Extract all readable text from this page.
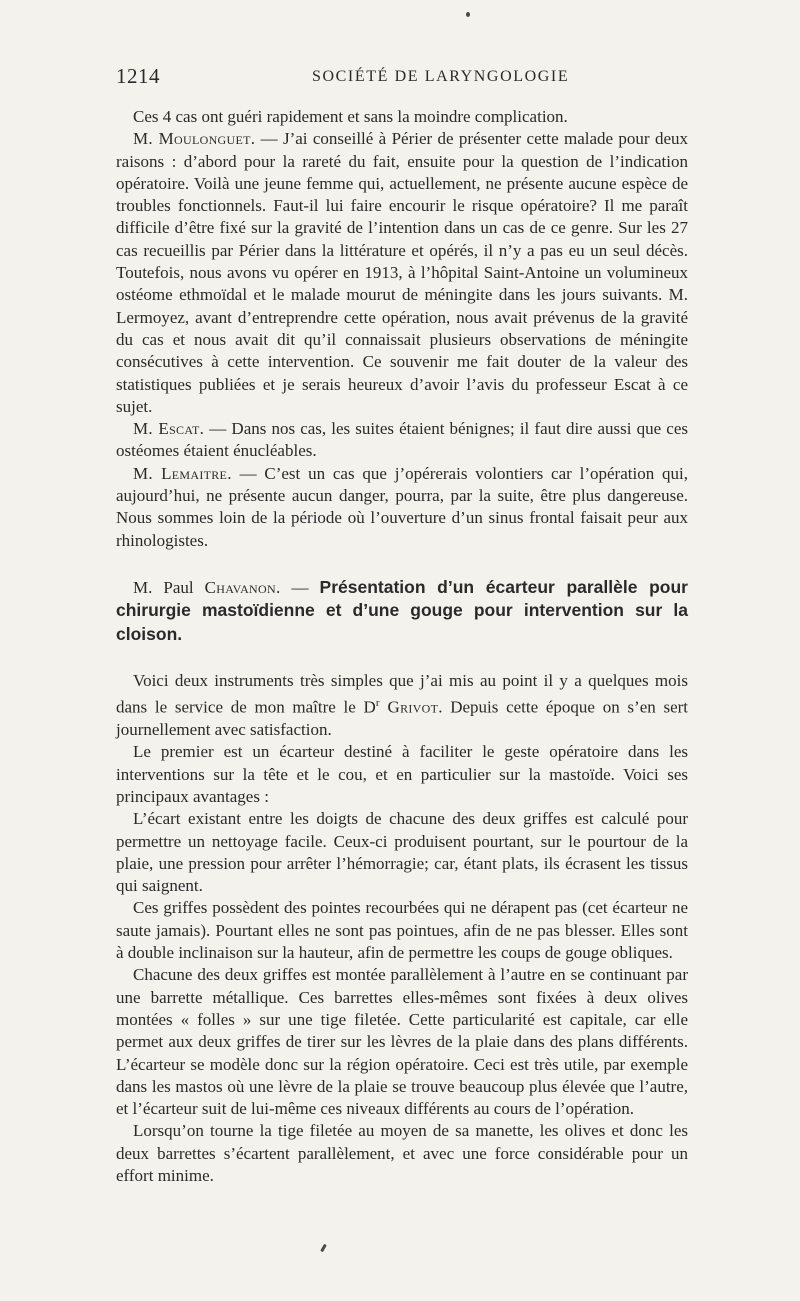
1214	SOCIÉTÉ DE LARYNGOLOGIE

Ces 4 cas ont guéri rapidement et sans la moindre complication.

M. Moulonguet. — J’ai conseillé à Périer de présenter cette malade pour deux raisons : d’abord pour la rareté du fait, ensuite pour la question de l’indication opératoire. Voilà une jeune femme qui, actuellement, ne présente aucune espèce de troubles fonctionnels. Faut-il lui faire encourir le risque opératoire? Il me paraît difficile d’être fixé sur la gravité de l’intention dans un cas de ce genre. Sur les 27 cas recueillis par Périer dans la littérature et opérés, il n’y a pas eu un seul décès. Toutefois, nous avons vu opérer en 1913, à l’hôpital Saint-Antoine un volumineux ostéome ethmoïdal et le malade mourut de méningite dans les jours suivants. M. Lermoyez, avant d’entreprendre cette opération, nous avait prévenus de la gravité du cas et nous avait dit qu’il connaissait plusieurs observations de méningite consécutives à cette intervention. Ce souvenir me fait douter de la valeur des statistiques publiées et je serais heureux d’avoir l’avis du professeur Escat à ce sujet.

M. Escat. — Dans nos cas, les suites étaient bénignes; il faut dire aussi que ces ostéomes étaient énucléables.

M. Lemaitre. — C’est un cas que j’opérerais volontiers car l’opération qui, aujourd’hui, ne présente aucun danger, pourra, par la suite, être plus dangereuse. Nous sommes loin de la période où l’ouverture d’un sinus frontal faisait peur aux rhinologistes.

M. Paul Chavanon. — Présentation d’un écarteur parallèle pour chirurgie mastoïdienne et d’une gouge pour intervention sur la cloison.

Voici deux instruments très simples que j’ai mis au point il y a quelques mois dans le service de mon maître le $D^r$ Grivot. Depuis cette époque on s’en sert journellement avec satisfaction.

Le premier est un écarteur destiné à faciliter le geste opératoire dans les interventions sur la tête et le cou, et en particulier sur la mastoïde. Voici ses principaux avantages :

L’écart existant entre les doigts de chacune des deux griffes est calculé pour permettre un nettoyage facile. Ceux-ci produisent pourtant, sur le pourtour de la plaie, une pression pour arrêter l’hémorragie; car, étant plats, ils écrasent les tissus qui saignent.

Ces griffes possèdent des pointes recourbées qui ne dérapent pas (cet écarteur ne saute jamais). Pourtant elles ne sont pas pointues, afin de ne pas blesser. Elles sont à double inclinaison sur la hauteur, afin de permettre les coups de gouge obliques.

Chacune des deux griffes est montée parallèlement à l’autre en se continuant par une barrette métallique. Ces barrettes elles-mêmes sont fixées à deux olives montées « folles » sur une tige filetée. Cette particularité est capitale, car elle permet aux deux griffes de tirer sur les lèvres de la plaie dans des plans différents. L’écarteur se modèle donc sur la région opératoire. Ceci est très utile, par exemple dans les mastos où une lèvre de la plaie se trouve beaucoup plus élevée que l’autre, et l’écarteur suit de lui-même ces niveaux différents au cours de l’opération.

Lorsqu’on tourne la tige filetée au moyen de sa manette, les olives et donc les deux barrettes s’écartent parallèlement, et avec une force considérable pour un effort minime.
